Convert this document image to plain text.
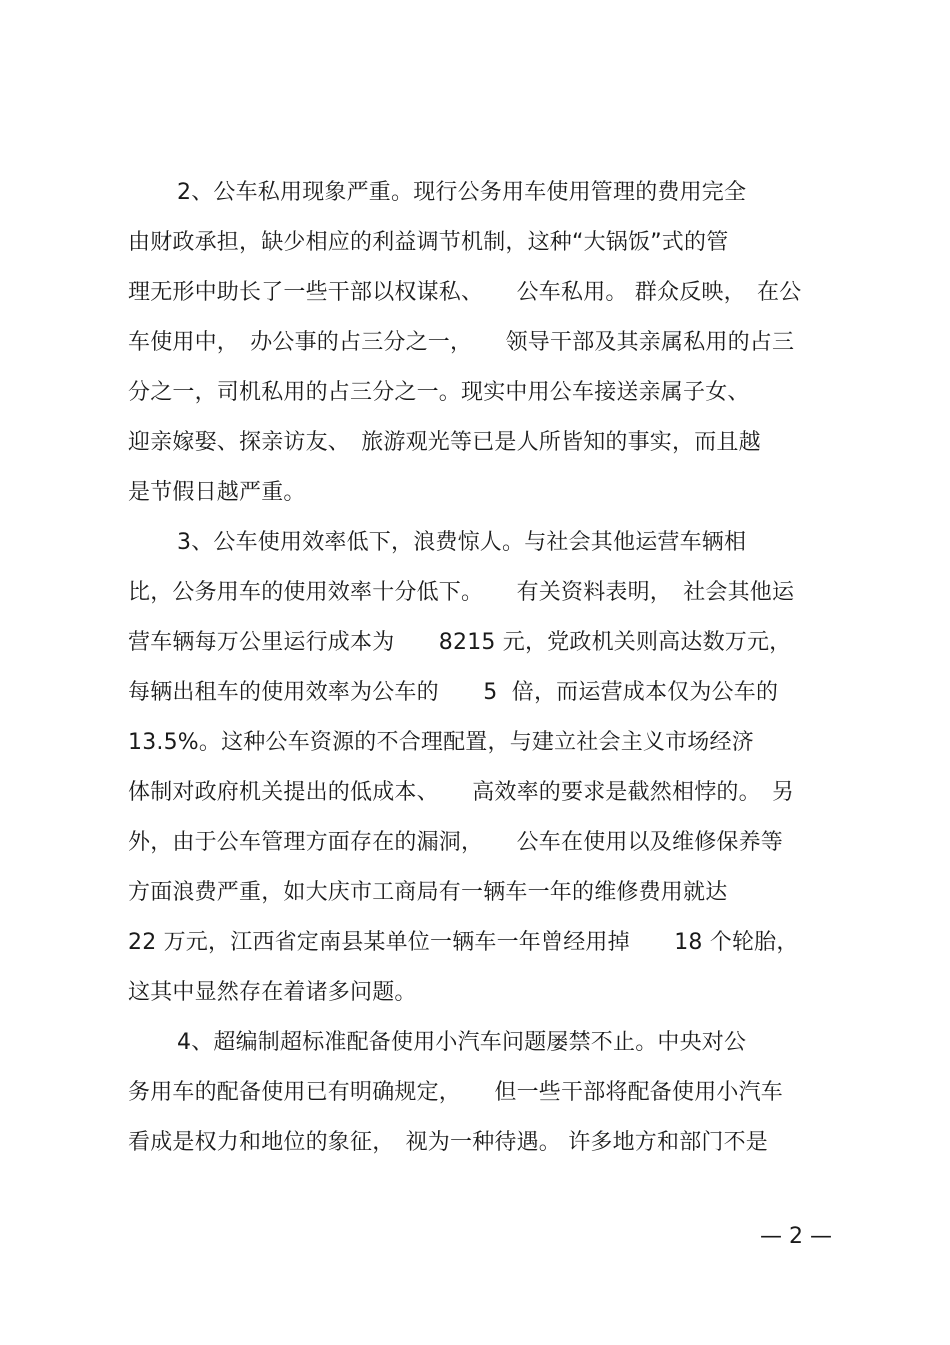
2、公车私用现象严重。现行公务用车使用管理的费用完全
由财政承担，缺少相应的利益调节机制，这种“大锅饭”式的管
理无形中助长了一些干部以权谋私、　　公车私用。 群众反映，　在公
车使用中，　办公事的占三分之一，　　领导干部及其亲属私用的占三
分之一，司机私用的占三分之一。现实中用公车接送亲属子女、
迎亲嫁娶、探亲访友、　旅游观光等已是人所皆知的事实，而且越
是节假日越严重。
3、公车使用效率低下，浪费惊人。与社会其他运营车辆相
比，公务用车的使用效率十分低下。　　有关资料表明，　社会其他运
营车辆每万公里运行成本为　　8215 元，党政机关则高达数万元，
每辆出租车的使用效率为公车的　　5  倍，而运营成本仅为公车的
13.5%。这种公车资源的不合理配置，与建立社会主义市场经济
体制对政府机关提出的低成本、　　高效率的要求是截然相悖的。　另
外，由于公车管理方面存在的漏洞，　　公车在使用以及维修保养等
方面浪费严重，如大庆市工商局有一辆车一年的维修费用就达
22 万元，江西省定南县某单位一辆车一年曾经用掉　　18 个轮胎，
这其中显然存在着诸多问题。
4、超编制超标准配备使用小汽车问题屡禁不止。中央对公
务用车的配备使用已有明确规定，　　但一些干部将配备使用小汽车
看成是权力和地位的象征，　视为一种待遇。 许多地方和部门不是
— 2 —
